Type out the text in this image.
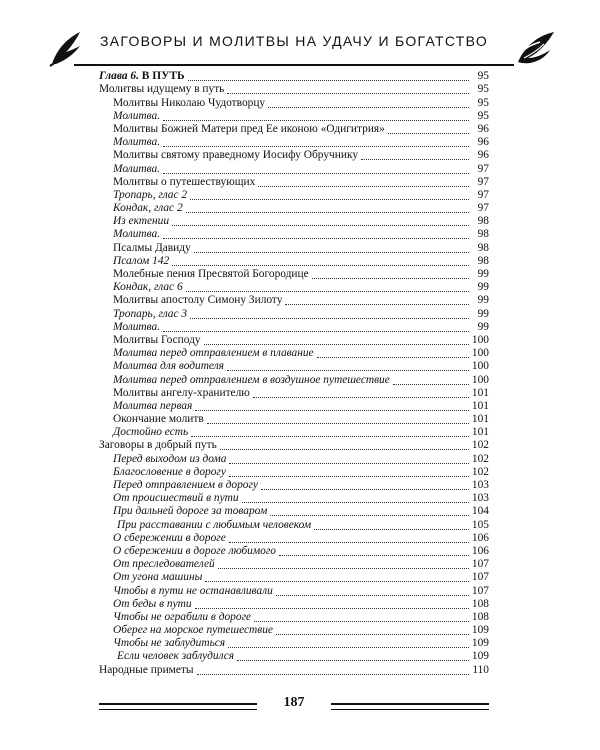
ЗАГОВОРЫ И МОЛИТВЫ НА УДАЧУ И БОГАТСТВО
Глава 6. В ПУТЬ	95
Молитвы идущему в путь	95
Молитвы Николаю Чудотворцу	95
Молитва.	95
Молитвы Божией Матери пред Ее иконою «Одигитрия»	96
Молитва.	96
Молитвы святому праведному Иосифу Обручнику	96
Молитва.	97
Молитвы о путешествующих	97
Тропарь, глас 2	97
Кондак, глас 2	97
Из ектении	98
Молитва.	98
Псалмы Давиду	98
Псалом 142	98
Молебные пения Пресвятой Богородице	99
Кондак, глас 6	99
Молитвы апостолу Симону Зилоту	99
Тропарь, глас 3	99
Молитва.	99
Молитвы Господу	100
Молитва перед отправлением в плавание	100
Молитва для водителя	100
Молитва перед отправлением в воздушное путешествие	100
Молитвы ангелу-хранителю	101
Молитва первая	101
Окончание молитв	101
Достойно есть	101
Заговоры в добрый путь	102
Перед выходом из дома	102
Благословение в дорогу	102
Перед отправлением в дорогу	103
От происшествий в пути	103
При дальней дороге за товаром	104
При расставании с любимым человеком	105
О сбережении в дороге	106
О сбережении в дороге любимого	106
От преследователей	107
От угона машины	107
Чтобы в пути не останавливали	107
От беды в пути	108
Чтобы не ограбили в дороге	108
Оберег на морское путешествие	109
Чтобы не заблудиться	109
Если человек заблудился	109
Народные приметы	110
187
